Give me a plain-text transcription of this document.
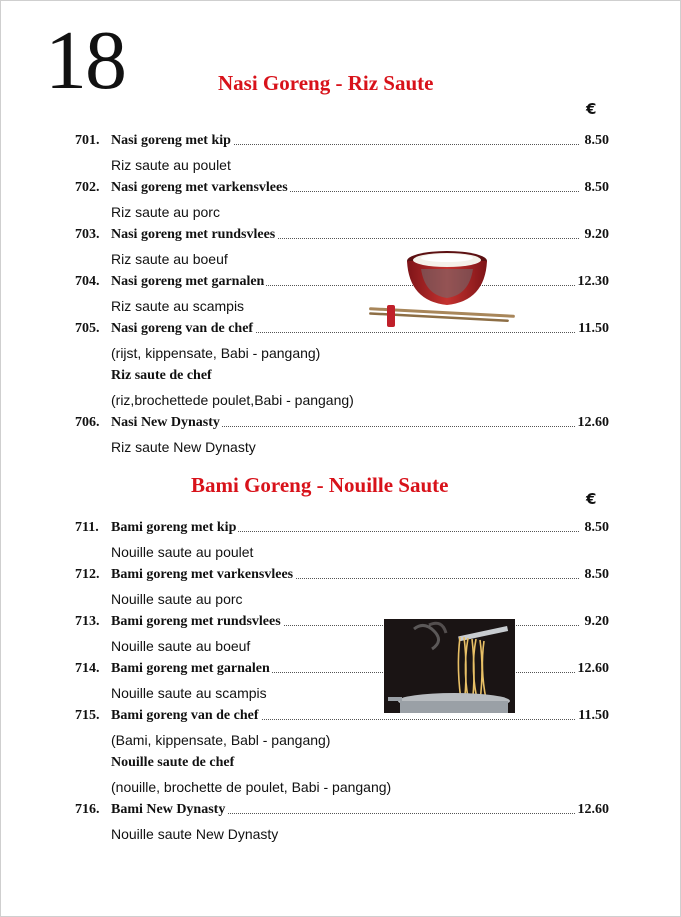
18	Nasi Goreng - Riz Saute
€
Bami Goreng - Nouille Saute
€
701. Nasi goreng met kip	8.50
Riz saute au poulet
702. Nasi goreng met varkensvlees	8.50
Riz saute au porc
703. Nasi goreng met rundsvlees	9.20
Riz saute au boeuf
704. Nasi goreng met garnalen	12.30
Riz saute au scampis
705. Nasi goreng van de chef	11.50
(rijst, kippensate, Babi - pangang)
Riz saute de chef
(riz,brochettede poulet,Babi - pangang)
706. Nasi New Dynasty	12.60
Riz saute New Dynasty
711. Bami goreng met kip	8.50
Nouille saute au poulet
712. Bami goreng met varkensvlees	8.50
Nouille saute au porc
713. Bami goreng met rundsvlees	9.20
Nouille saute au boeuf
714. Bami goreng met garnalen	12.60
Nouille saute au scampis
715. Bami goreng van de chef	11.50
(Bami, kippensate, Babl - pangang)
Nouille saute de chef
(nouille, brochette de poulet, Babi - pangang)
716. Bami New Dynasty	12.60
Nouille saute New Dynasty
